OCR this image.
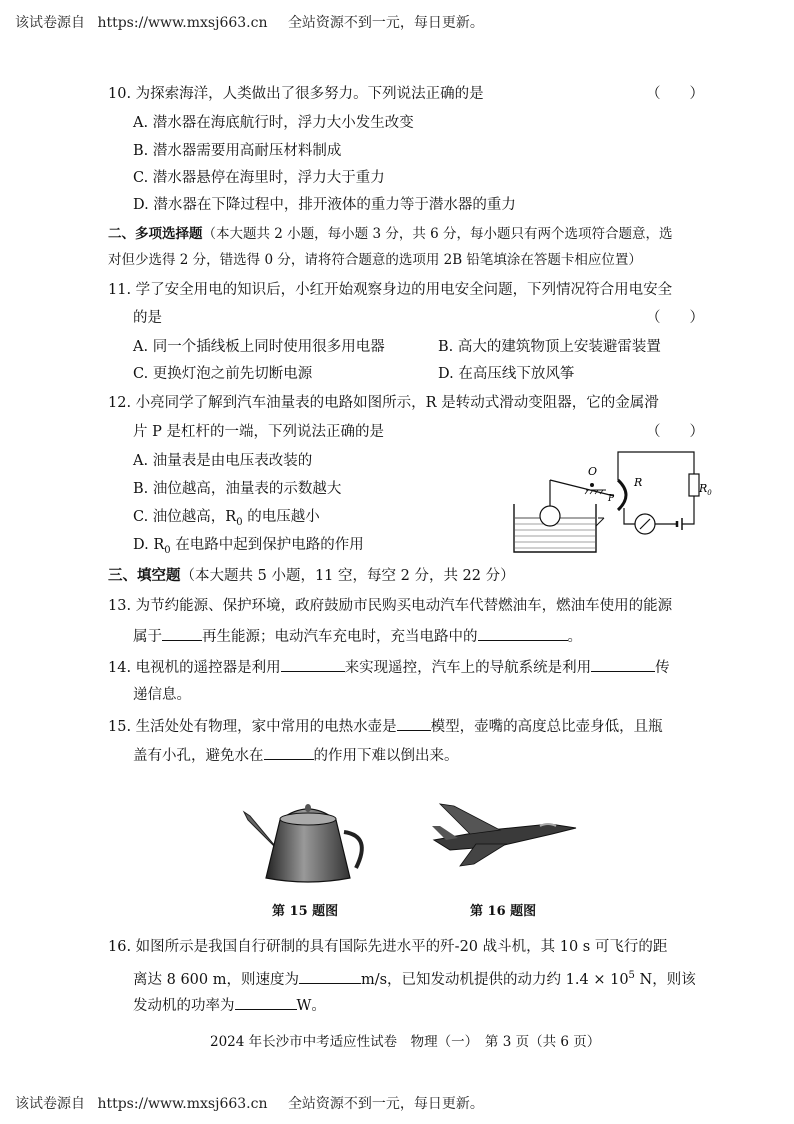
该试卷源自 https://www.mxsj663.cn 全站资源不到一元，每日更新。
10. 为探索海洋，人类做出了很多努力。下列说法正确的是	（　　）
A. 潜水器在海底航行时，浮力大小发生改变
B. 潜水器需要用高耐压材料制成
C. 潜水器悬停在海里时，浮力大于重力
D. 潜水器在下降过程中，排开液体的重力等于潜水器的重力
二、多项选择题（本大题共 2 小题，每小题 3 分，共 6 分，每小题只有两个选项符合题意，选
对但少选得 2 分，错选得 0 分，请将符合题意的选项用 2B 铅笔填涂在答题卡相应位置）
11. 学了安全用电的知识后，小红开始观察身边的用电安全问题，下列情况符合用电安全
的是	（　　）
A. 同一个插线板上同时使用很多用电器	B. 高大的建筑物顶上安装避雷装置
C. 更换灯泡之前先切断电源	D. 在高压线下放风筝
12. 小亮同学了解到汽车油量表的电路如图所示，R 是转动式滑动变阻器，它的金属滑
片 P 是杠杆的一端，下列说法正确的是	（　　）
A. 油量表是由电压表改装的
B. 油位越高，油量表的示数越大
C. 油位越高，$R_0$ 的电压越小
D. $R_0$ 在电路中起到保护电路的作用
R	$R_0$
O
P
三、填空题（本大题共 5 小题，11 空，每空 2 分，共 22 分）
13. 为节约能源、保护环境，政府鼓励市民购买电动汽车代替燃油车，燃油车使用的能源
属于	再生能源；电动汽车充电时，充当电路中的	。
14. 电视机的遥控器是利用	来实现遥控，汽车上的导航系统是利用	传
递信息。
15. 生活处处有物理，家中常用的电热水壶是 模型，壶嘴的高度总比壶身低，且瓶
盖有小孔，避免水在	的作用下难以倒出来。
第 15 题图	第 16 题图
16. 如图所示是我国自行研制的具有国际先进水平的歼-20 战斗机，其 10 s 可飞行的距
离达 8 600 m，则速度为	m/s，已知发动机提供的动力约 $1.4 \times 10^5$ N，则该
发动机的功率为	W。
2024 年长沙市中考适应性试卷　物理（一）　第 3 页（共 6 页）
该试卷源自 https://www.mxsj663.cn 全站资源不到一元，每日更新。
